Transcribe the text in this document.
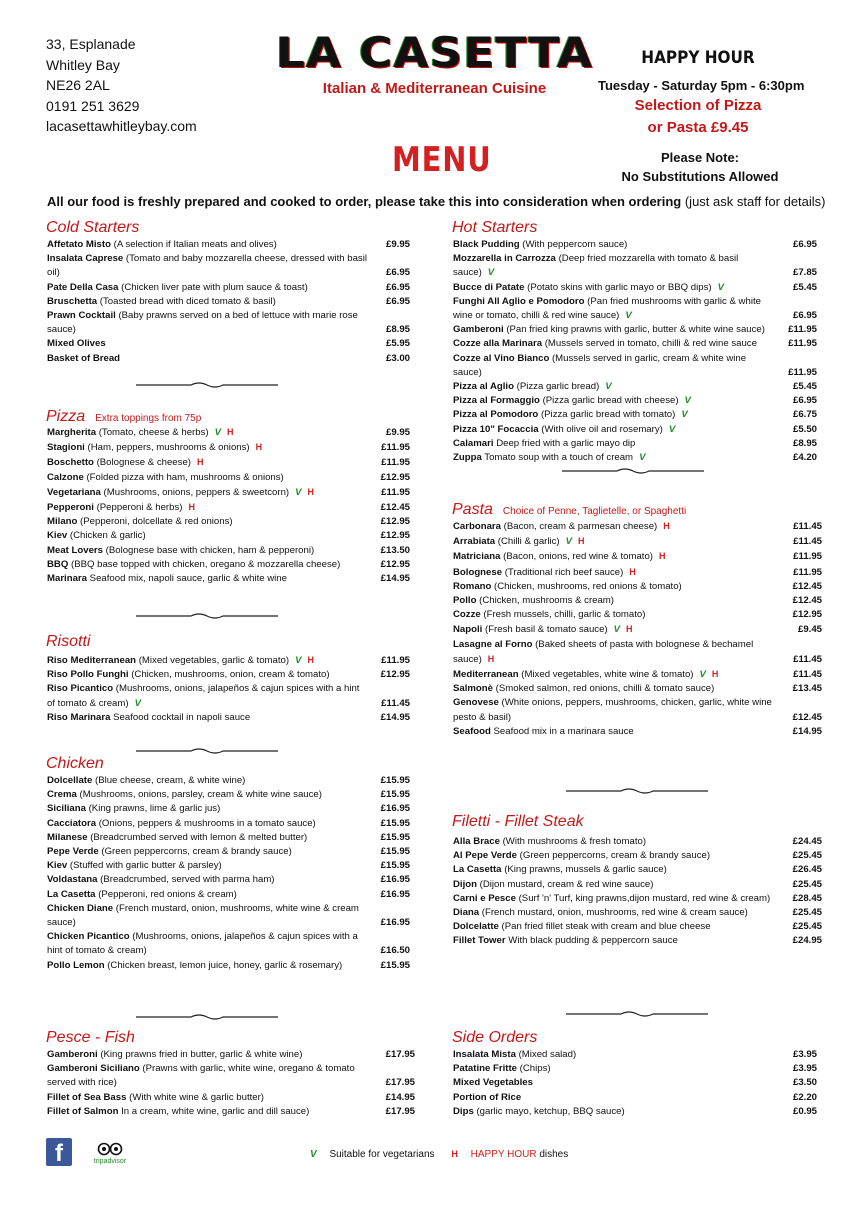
33, Esplanade
Whitley Bay
NE26 2AL
0191 251 3629
lacasettawhitleybay.com
LA CASETTA
Italian & Mediterranean Cuisine
HAPPY HOUR
Tuesday - Saturday 5pm - 6:30pm
Selection of Pizza
or Pasta £9.45
MENU	Please Note:
No Substitutions Allowed
All our food is freshly prepared and cooked to order, please take this into consideration when ordering (just ask staff for details)
Cold Starters
Affetato Misto (A selection if Italian meats and olives)	£9.95
Insalata Caprese (Tomato and baby mozzarella cheese, dressed with basil oil)	£6.95
Pate Della Casa (Chicken liver pate with plum sauce & toast)	£6.95
Bruschetta (Toasted bread with diced tomato & basil)	£6.95
Prawn Cocktail (Baby prawns served on a bed of lettuce with marie rose sauce)	£8.95
Mixed Olives	£5.95
Basket of Bread	£3.00
Pizza Extra toppings from 75p
Margherita (Tomato, cheese & herbs) V H	£9.95
Stagioni (Ham, peppers, mushrooms & onions) H	£11.95
Boschetto (Bolognese & cheese) H	£11.95
Calzone (Folded pizza with ham, mushrooms & onions)	£12.95
Vegetariana (Mushrooms, onions, peppers & sweetcorn) V H	£11.95
Pepperoni (Pepperoni & herbs) H	£12.45
Milano (Pepperoni, dolcellate & red onions)	£12.95
Kiev (Chicken & garlic)	£12.95
Meat Lovers (Bolognese base with chicken, ham & pepperoni)	£13.50
BBQ (BBQ base topped with chicken, oregano & mozzarella cheese)	£12.95
Marinara Seafood mix, napoli sauce, garlic & white wine	£14.95
Risotti
Riso Mediterranean (Mixed vegetables, garlic & tomato) V H	£11.95
Riso Pollo Funghi (Chicken, mushrooms, onion, cream & tomato)	£12.95
Riso Picantico (Mushrooms, onions, jalapeños & cajun spices with a hint of tomato & cream) V	£11.45
Riso Marinara Seafood cocktail in napoli sauce	£14.95
Chicken
Dolcellate (Blue cheese, cream, & white wine)	£15.95
Crema (Mushrooms, onions, parsley, cream & white wine sauce)	£15.95
Siciliana (King prawns, lime & garlic jus)	£16.95
Cacciatora (Onions, peppers & mushrooms in a tomato sauce)	£15.95
Milanese (Breadcrumbed served with lemon & melted butter)	£15.95
Pepe Verde (Green peppercorns, cream & brandy sauce)	£15.95
Kiev (Stuffed with garlic butter & parsley)	£15.95
Voldastana (Breadcrumbed, served with parma ham)	£16.95
La Casetta (Pepperoni, red onions & cream)	£16.95
Chicken Diane (French mustard, onion, mushrooms, white wine & cream sauce)	£16.95
Chicken Picantico (Mushrooms, onions, jalapeños & cajun spices with a hint of tomato & cream)	£16.50
Pollo Lemon (Chicken breast, lemon juice, honey, garlic & rosemary)	£15.95
Pesce - Fish
Gamberoni (King prawns fried in butter, garlic & white wine)	£17.95
Gamberoni Siciliano (Prawns with garlic, white wine, oregano & tomato served with rice)	£17.95
Fillet of Sea Bass (With white wine & garlic butter)	£14.95
Fillet of Salmon In a cream, white wine, garlic and dill sauce)	£17.95
Hot Starters
Black Pudding (With peppercorn sauce)	£6.95
Mozzarella in Carrozza (Deep fried mozzarella with tomato & basil sauce) V	£7.85
Bucce di Patate (Potato skins with garlic mayo or BBQ dips) V	£5.45
Funghi All Aglio e Pomodoro (Pan fried mushrooms with garlic & white wine or tomato, chilli & red wine sauce) V	£6.95
Gamberoni (Pan fried king prawns with garlic, butter & white wine sauce)	£11.95
Cozze alla Marinara (Mussels served in tomato, chilli & red wine sauce	£11.95
Cozze al Vino Bianco (Mussels served in garlic, cream & white wine sauce)	£11.95
Pizza al Aglio (Pizza garlic bread) V	£5.45
Pizza al Formaggio (Pizza garlic bread with cheese) V	£6.95
Pizza al Pomodoro (Pizza garlic bread with tomato) V	£6.75
Pizza 10" Focaccia (With olive oil and rosemary) V	£5.50
Calamari Deep fried with a garlic mayo dip	£8.95
Zuppa Tomato soup with a touch of cream V	£4.20
Pasta Choice of Penne, Taglietelle, or Spaghetti
Carbonara (Bacon, cream & parmesan cheese) H	£11.45
Arrabiata (Chilli & garlic) V H	£11.45
Matriciana (Bacon, onions, red wine & tomato) H	£11.95
Bolognese (Traditional rich beef sauce) H	£11.95
Romano (Chicken, mushrooms, red onions & tomato)	£12.45
Pollo (Chicken, mushrooms & cream)	£12.45
Cozze (Fresh mussels, chilli, garlic & tomato)	£12.95
Napoli (Fresh basil & tomato sauce) V H	£9.45
Lasagne al Forno (Baked sheets of pasta with bolognese & bechamel sauce) H	£11.45
Mediterranean (Mixed vegetables, white wine & tomato) V H	£11.45
Salmonè (Smoked salmon, red onions, chilli & tomato sauce)	£13.45
Genovese (White onions, peppers, mushrooms, chicken, garlic, white wine pesto & basil)	£12.45
Seafood Seafood mix in a marinara sauce	£14.95
Filetti - Fillet Steak
Alla Brace (With mushrooms & fresh tomato)	£24.45
Al Pepe Verde (Green peppercorns, cream & brandy sauce)	£25.45
La Casetta (King prawns, mussels & garlic sauce)	£26.45
Dijon (Dijon mustard, cream & red wine sauce)	£25.45
Carni e Pesce (Surf 'n' Turf, king prawns,dijon mustard, red wine & cream)	£28.45
Diana (French mustard, onion, mushrooms, red wine & cream sauce)	£25.45
Dolcelatte (Pan fried fillet steak with cream and blue cheese	£25.45
Fillet Tower With black pudding & peppercorn sauce	£24.95
Side Orders
Insalata Mista (Mixed salad)	£3.95
Patatine Fritte (Chips)	£3.95
Mixed Vegetables	£3.50
Portion of Rice	£2.20
Dips (garlic mayo, ketchup, BBQ sauce)	£0.95
f	tripadvisor
V Suitable for vegetarians H HAPPY HOUR dishes
